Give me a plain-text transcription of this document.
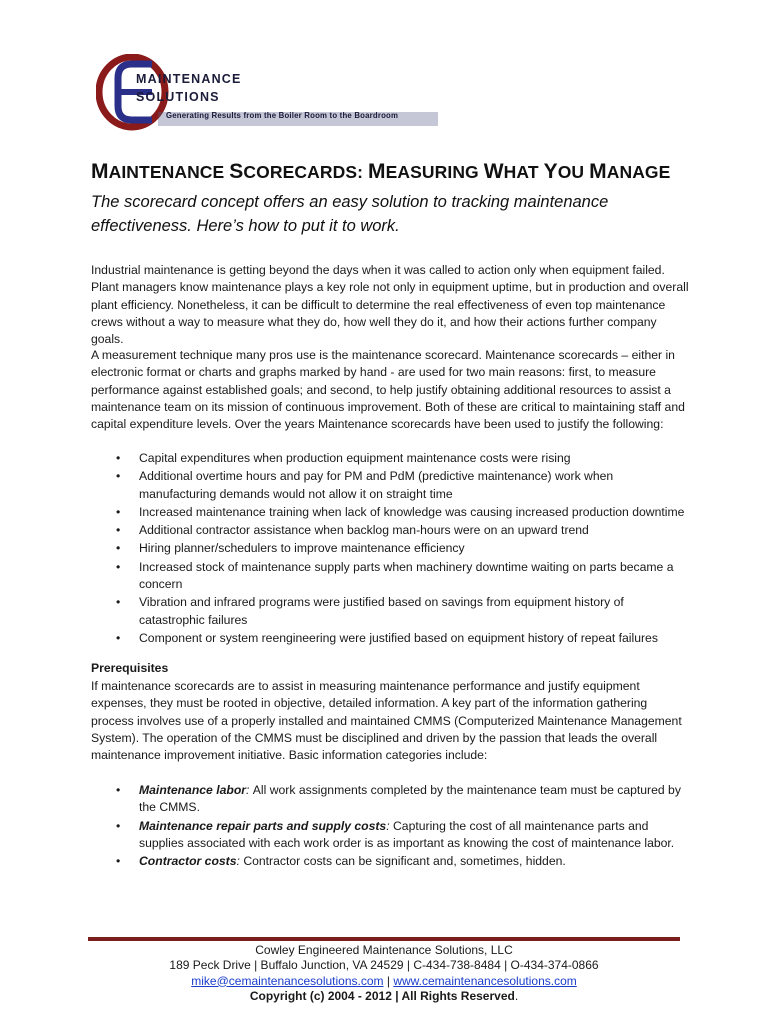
MAINTENANCE
SOLUTIONS
Generating Results from the Boiler Room to the Boardroom
MAINTENANCE SCORECARDS: MEASURING WHAT YOU MANAGE
The scorecard concept offers an easy solution to tracking maintenance effectiveness. Here’s how to put it to work.
Industrial maintenance is getting beyond the days when it was called to action only when equipment failed. Plant managers know maintenance plays a key role not only in equipment uptime, but in production and overall plant efficiency. Nonetheless, it can be difficult to determine the real effectiveness of even top maintenance crews without a way to measure what they do, how well they do it, and how their actions further company goals.
A measurement technique many pros use is the maintenance scorecard. Maintenance scorecards – either in electronic format or charts and graphs marked by hand - are used for two main reasons: first, to measure performance against established goals; and second, to help justify obtaining additional resources to assist a maintenance team on its mission of continuous improvement. Both of these are critical to maintaining staff and capital expenditure levels. Over the years Maintenance scorecards have been used to justify the following:
• Capital expenditures when production equipment maintenance costs were rising
• Additional overtime hours and pay for PM and PdM (predictive maintenance) work when manufacturing demands would not allow it on straight time
• Increased maintenance training when lack of knowledge was causing increased production downtime
• Additional contractor assistance when backlog man-hours were on an upward trend
• Hiring planner/schedulers to improve maintenance efficiency
• Increased stock of maintenance supply parts when machinery downtime waiting on parts became a concern
• Vibration and infrared programs were justified based on savings from equipment history of catastrophic failures
• Component or system reengineering were justified based on equipment history of repeat failures
Prerequisites
If maintenance scorecards are to assist in measuring maintenance performance and justify equipment expenses, they must be rooted in objective, detailed information. A key part of the information gathering process involves use of a properly installed and maintained CMMS (Computerized Maintenance Management System). The operation of the CMMS must be disciplined and driven by the passion that leads the overall maintenance improvement initiative. Basic information categories include:
• Maintenance labor: All work assignments completed by the maintenance team must be captured by the CMMS.
• Maintenance repair parts and supply costs: Capturing the cost of all maintenance parts and supplies associated with each work order is as important as knowing the cost of maintenance labor.
• Contractor costs: Contractor costs can be significant and, sometimes, hidden.
Cowley Engineered Maintenance Solutions, LLC
189 Peck Drive | Buffalo Junction, VA 24529 | C-434-738-8484 | O-434-374-0866
mike@cemaintenancesolutions.com | www.cemaintenancesolutions.com
Copyright (c) 2004 - 2012 | All Rights Reserved.
